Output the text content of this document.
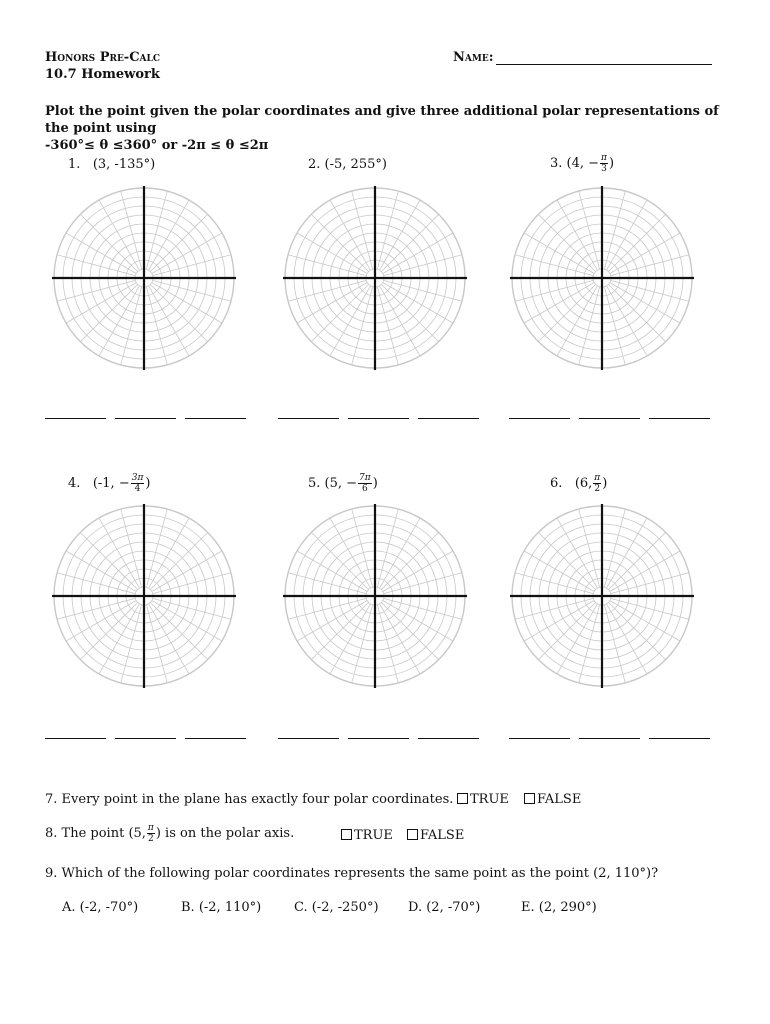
Honors Pre-Calc
10.7 Homework
Name:
Plot the point given the polar coordinates and give three additional polar representations of the point using
-360°≤ θ ≤360° or -2π ≤ θ ≤2π
1. (3, -135°)	2. (-5, 255°)	3. (4, − $\frac{\pi}{3}$ )
4. (-1, − $\frac{3\pi}{4}$ )	5. (5, − $\frac{7\pi}{6}$ )	6. (6, $\frac{\pi}{2}$ )
7. Every point in the plane has exactly four polar coordinates.	TRUE	FALSE
8. The point (5, $\frac{\pi}{2}$ ) is on the polar axis.	TRUE	FALSE
9. Which of the following polar coordinates represents the same point as the point (2, 110°)?
A. (-2, -70°)	B. (-2, 110°)	C. (-2, -250°) D. (2, -70°)	E. (2, 290°)
